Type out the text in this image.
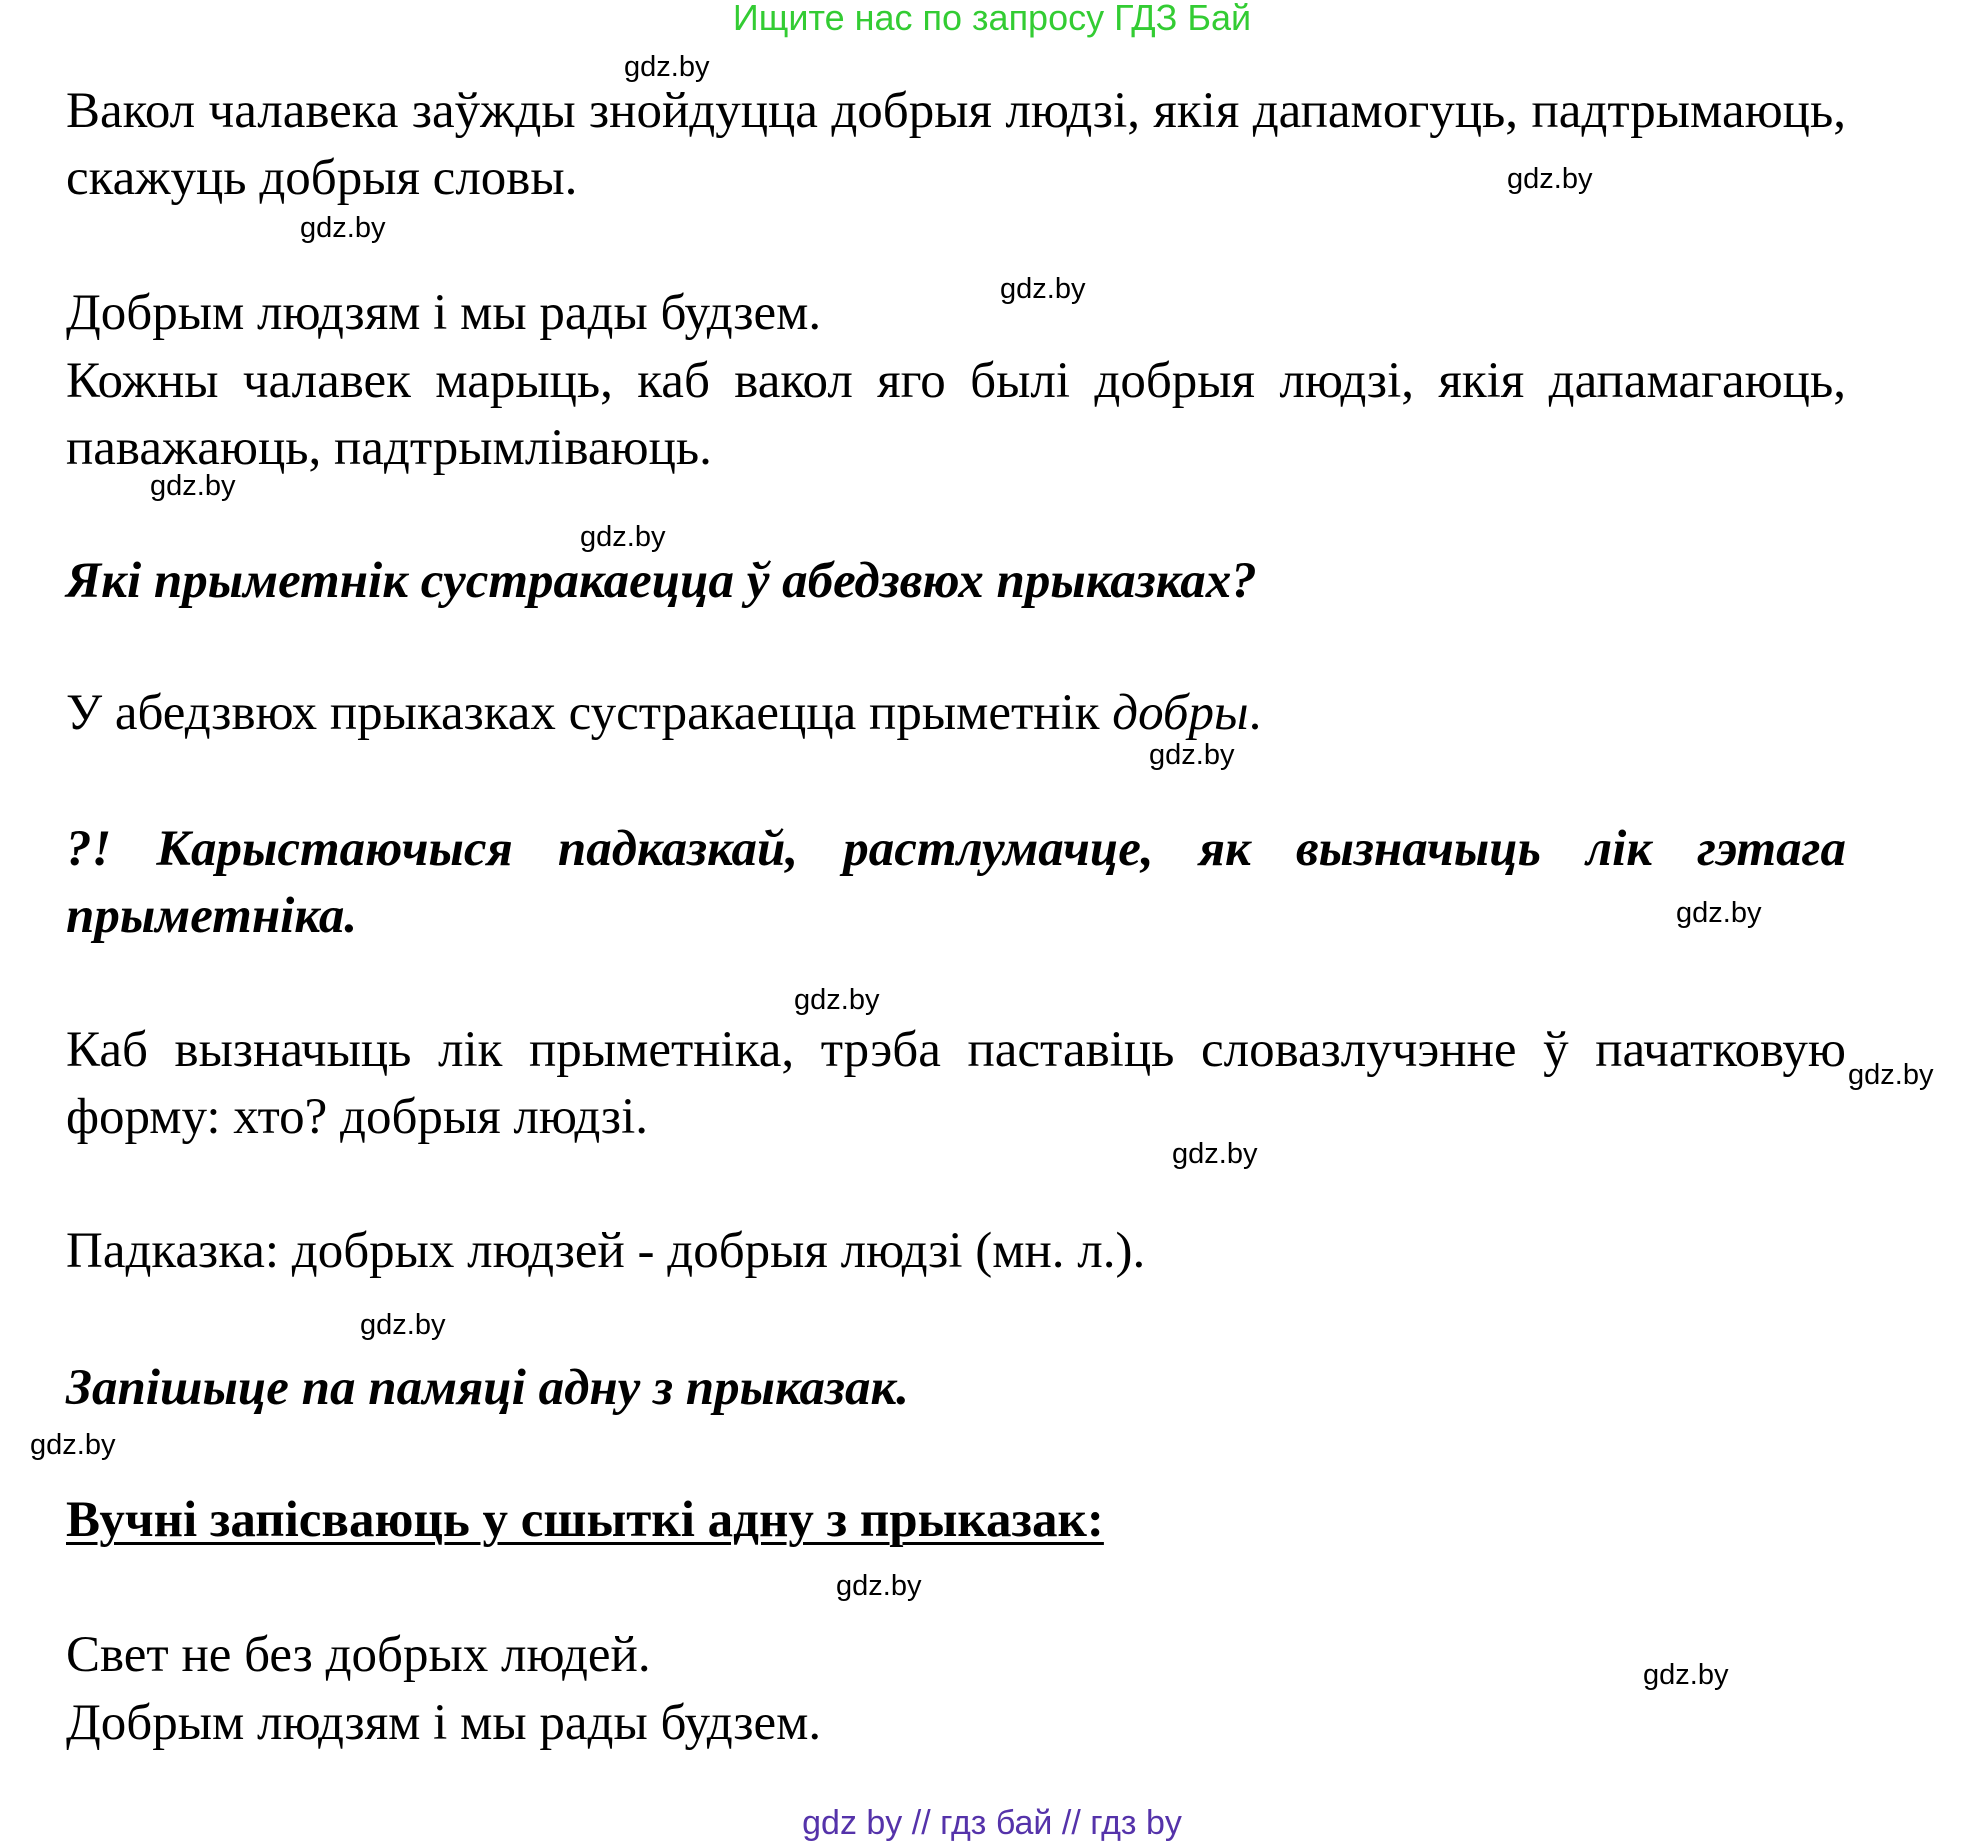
Ищите нас по запросу ГДЗ Бай
Вакол чалавека заўжды знойдуцца добрыя людзі, якія дапамогуць, падтрымаюць, скажуць добрыя словы.
Добрым людзям і мы рады будзем.
Кожны чалавек марыць, каб вакол яго былі добрыя людзі, якія дапамагаюць, паважаюць, падтрымліваюць.
Які прыметнік сустракаецца ў абедзвюх прыказках?
У абедзвюх прыказках сустракаецца прыметнік добры.
?! Карыстаючыся падказкай, растлумачце, як вызначыць лік гэтага прыметніка.
Каб вызначыць лік прыметніка, трэба паставіць словазлучэнне ў пачатковую форму: хто? добрыя людзі.
Падказка: добрых людзей - добрыя людзі (мн. л.).
Запішыце па памяці адну з прыказак.
Вучні запісваюць у сшыткі адну з прыказак:
Свет не без добрых людей.
Добрым людзям і мы рады будзем.
gdz.by
gdz.by
gdz.by
gdz.by
gdz.by
gdz.by
gdz.by
gdz.by
gdz.by
gdz.by
gdz.by
gdz.by
gdz.by
gdz.by
gdz.by
gdz by // гдз бай // гдз by
